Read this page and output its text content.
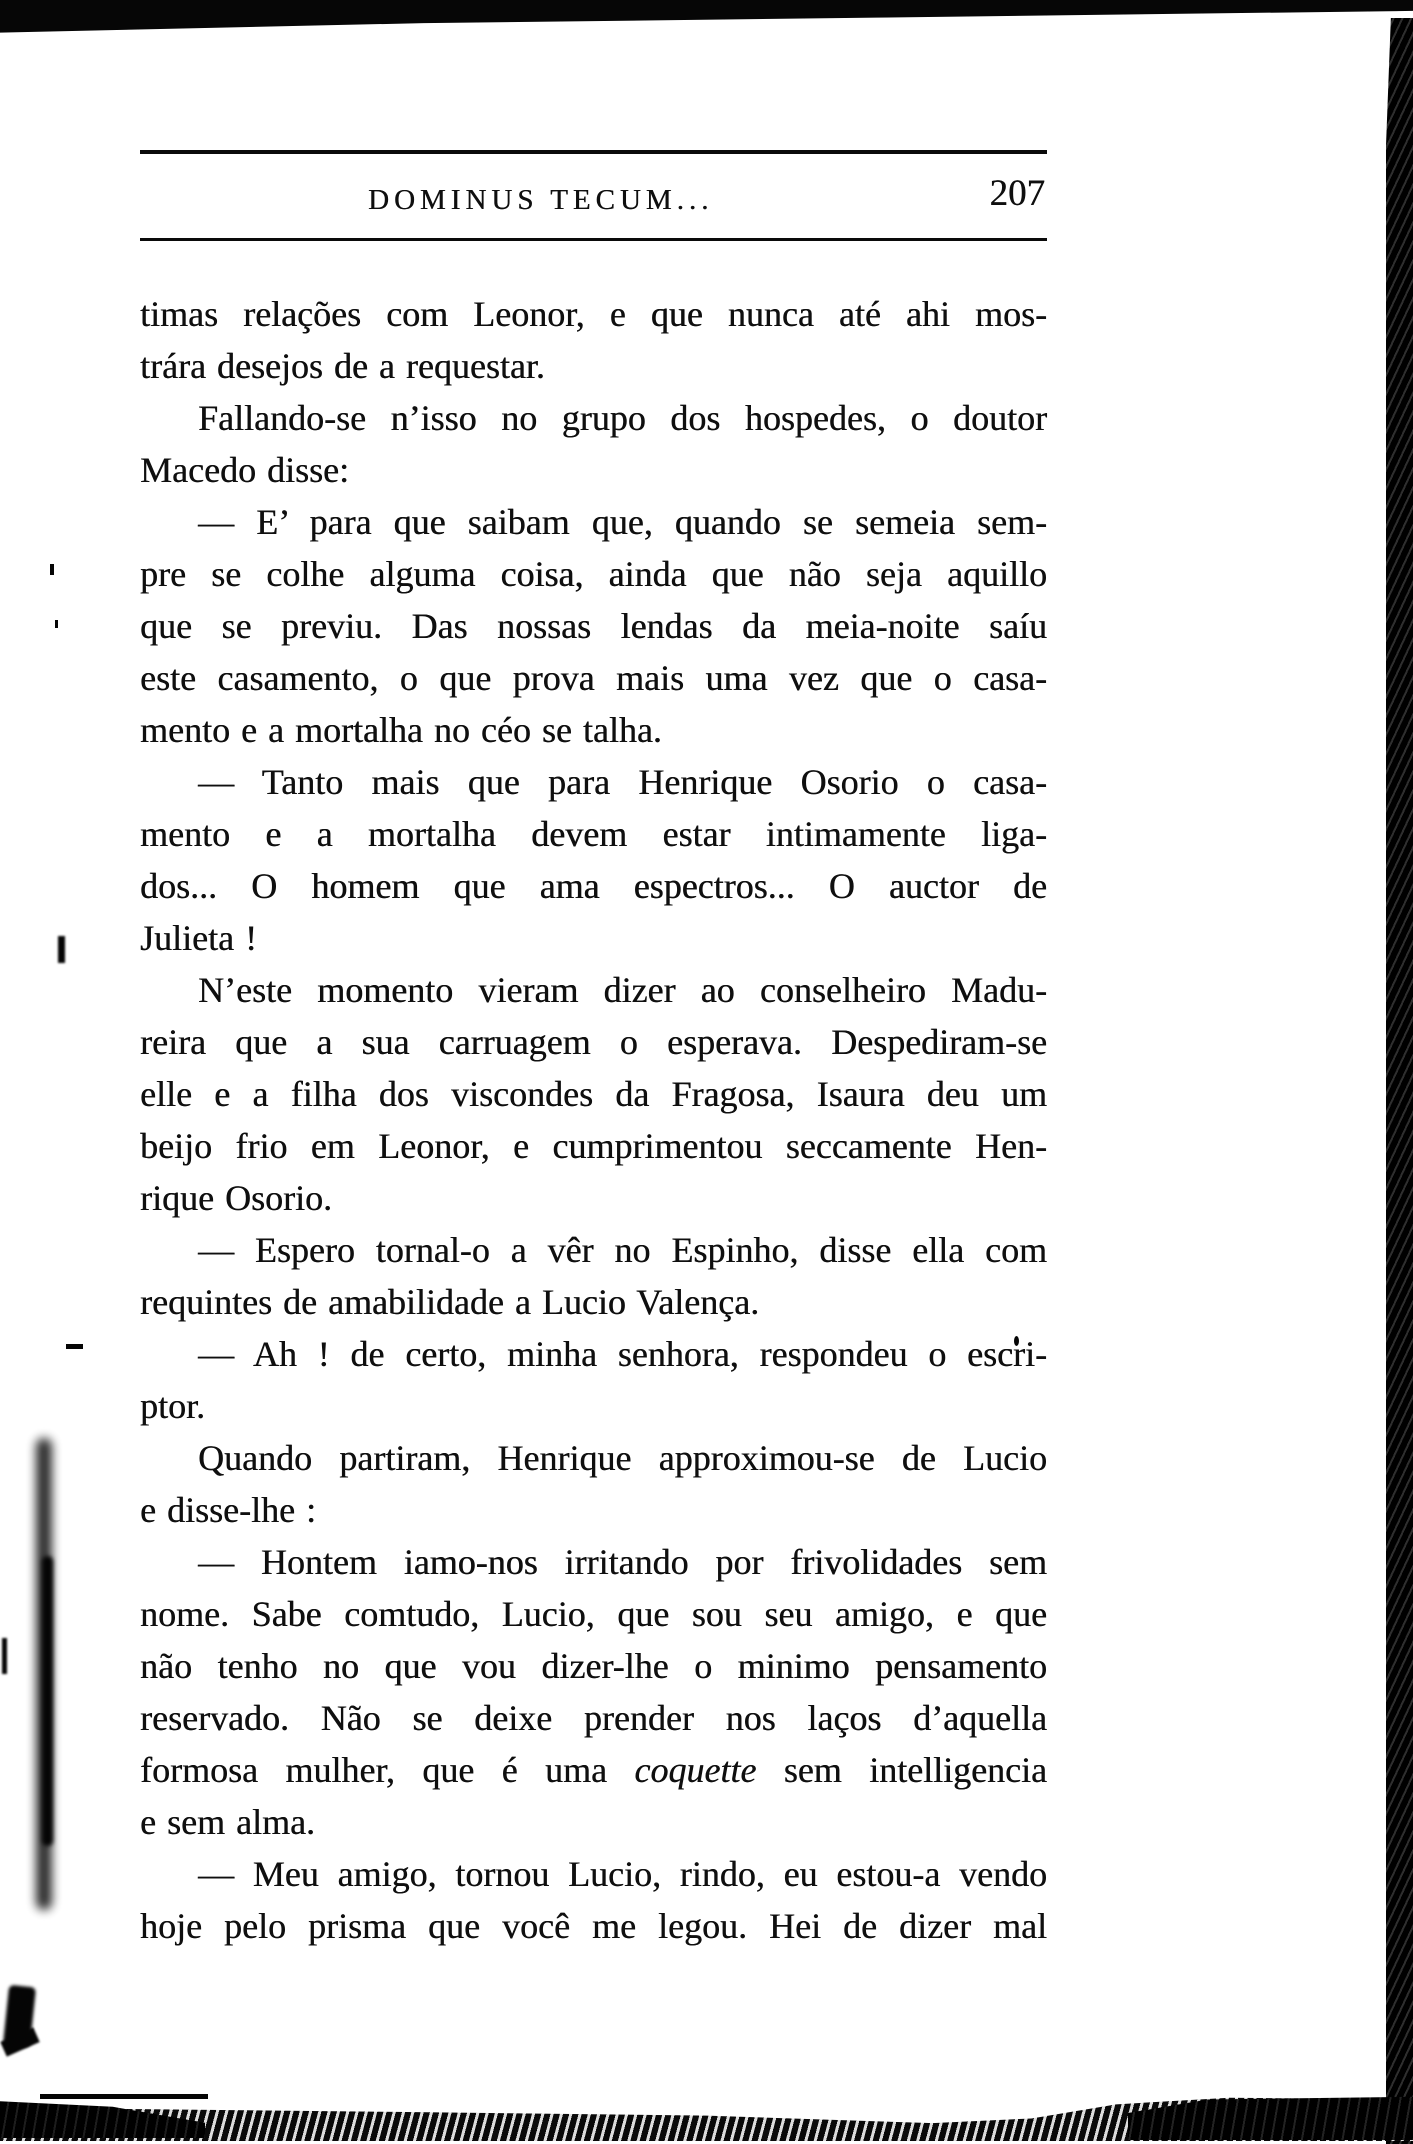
DOMINUS TECUM...	207
timas relações com Leonor, e que nunca até ahi mos-
trára desejos de a requestar.
Fallando-se n’isso no grupo dos hospedes, o doutor
Macedo disse:
— E’ para que saibam que, quando se semeia sem-
pre se colhe alguma coisa, ainda que não seja aquillo
que se previu. Das nossas lendas da meia-noite saíu
este casamento, o que prova mais uma vez que o casa-
mento e a mortalha no céo se talha.
— Tanto mais que para Henrique Osorio o casa-
mento e a mortalha devem estar intimamente liga-
dos... O homem que ama espectros... O auctor de
Julieta !
N’este momento vieram dizer ao conselheiro Madu-
reira que a sua carruagem o esperava. Despediram-se
elle e a filha dos viscondes da Fragosa, Isaura deu um
beijo frio em Leonor, e cumprimentou seccamente Hen-
rique Osorio.
— Espero tornal-o a vêr no Espinho, disse ella com
requintes de amabilidade a Lucio Valença.
— Ah ! de certo, minha senhora, respondeu o escri-
ptor.
Quando partiram, Henrique approximou-se de Lucio
e disse-lhe :
— Hontem iamo-nos irritando por frivolidades sem
nome. Sabe comtudo, Lucio, que sou seu amigo, e que
não tenho no que vou dizer-lhe o minimo pensamento
reservado. Não se deixe prender nos laços d’aquella
formosa mulher, que é uma coquette sem intelligencia
e sem alma.
— Meu amigo, tornou Lucio, rindo, eu estou-a vendo
hoje pelo prisma que você me legou. Hei de dizer mal
